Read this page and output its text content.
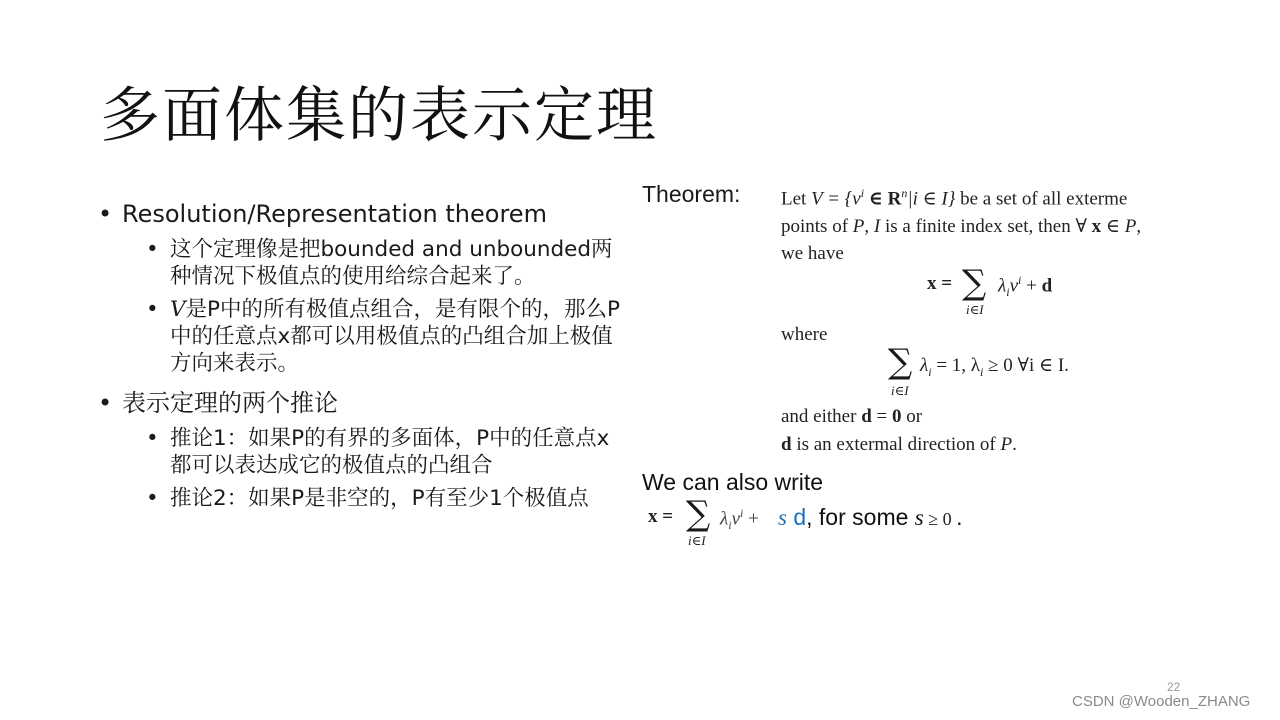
多面体集的表示定理
• Resolution/Representation theorem
• 这个定理像是把bounded and unbounded两种情况下极值点的使用给综合起来了。
• V是P中的所有极值点组合，是有限个的，那么P中的任意点x都可以用极值点的凸组合加上极值方向来表示。
• 表示定理的两个推论
• 推论1：如果P的有界的多面体，P中的任意点x都可以表达成它的极值点的凸组合
• 推论2：如果P是非空的，P有至少1个极值点
Theorem: Let $V = \{v^i$ ∈ $R^n|i$ ∈ I} be a set of all exterme
points of P, I is a finite index set, then ∀ x ∈ P,
we have
x = ∑
i∈I
$\lambda_iv^i + d$
where
∑
i∈I
$\lambda_i = 1$, $\lambda_i \ge 0$ ∀i ∈ I.
and either d = 0 or
d is an extermal direction of P.
We can also write
x = ∑
i∈I
$\lambda_iv^i + s$ d, for some s ≥ 0 .
22
CSDN @Wooden_ZHANG
